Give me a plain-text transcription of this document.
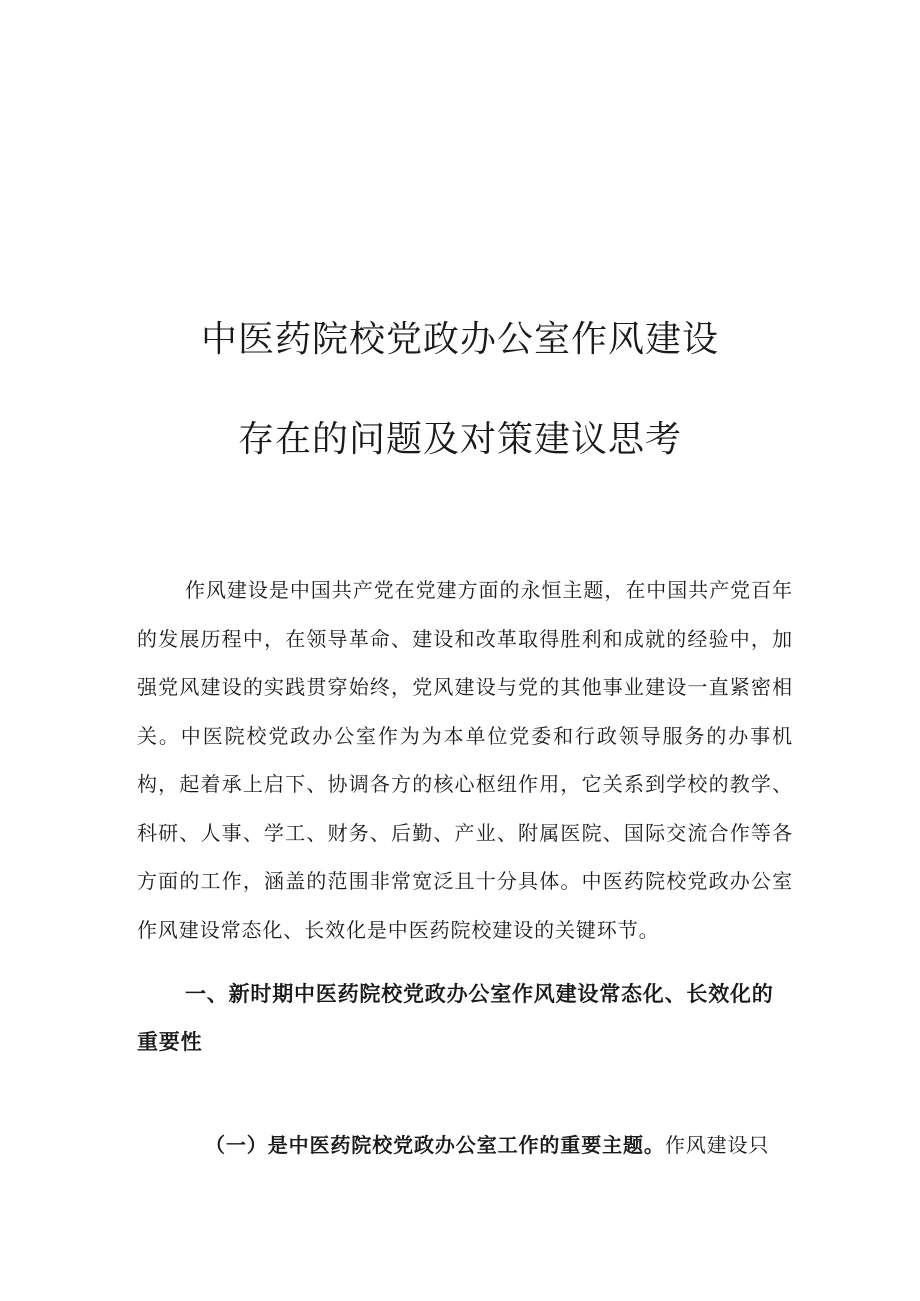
中医药院校党政办公室作风建设
存在的问题及对策建议思考

作风建设是中国共产党在党建方面的永恒主题，在中国共产党百年的发展历程中，在领导革命、建设和改革取得胜利和成就的经验中，加强党风建设的实践贯穿始终，党风建设与党的其他事业建设一直紧密相关。中医院校党政办公室作为为本单位党委和行政领导服务的办事机构，起着承上启下、协调各方的核心枢纽作用，它关系到学校的教学、科研、人事、学工、财务、后勤、产业、附属医院、国际交流合作等各方面的工作，涵盖的范围非常宽泛且十分具体。中医药院校党政办公室作风建设常态化、长效化是中医药院校建设的关键环节。

一、新时期中医药院校党政办公室作风建设常态化、长效化的重要性

（一）是中医药院校党政办公室工作的重要主题。作风建设只
